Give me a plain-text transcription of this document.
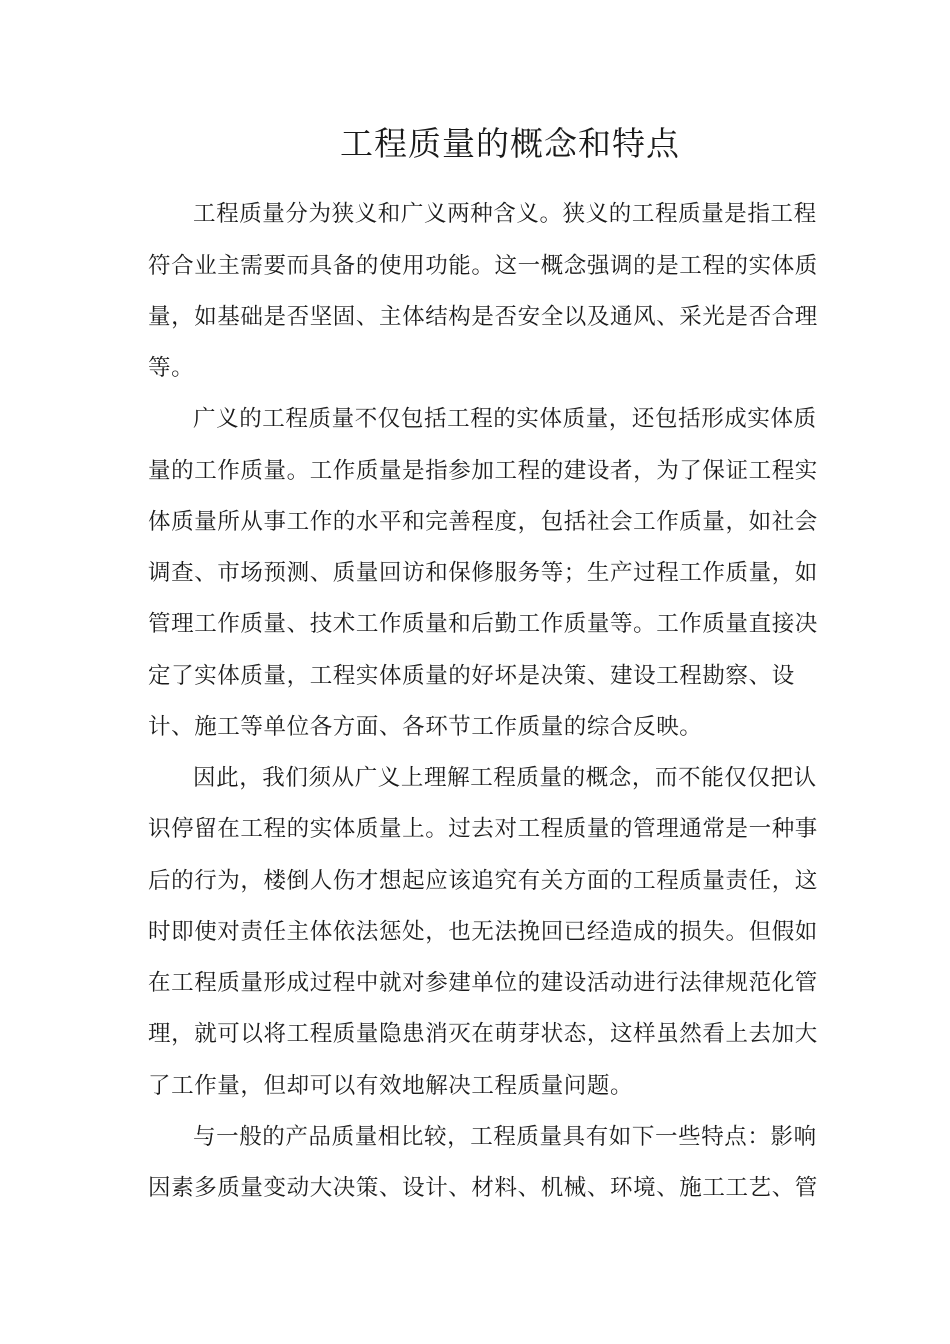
工程质量的概念和特点
工程质量分为狭义和广义两种含义。狭义的工程质量是指工程
符合业主需要而具备的使用功能。这一概念强调的是工程的实体质
量，如基础是否坚固、主体结构是否安全以及通风、采光是否合理
等。
广义的工程质量不仅包括工程的实体质量，还包括形成实体质
量的工作质量。工作质量是指参加工程的建设者，为了保证工程实
体质量所从事工作的水平和完善程度，包括社会工作质量，如社会
调查、市场预测、质量回访和保修服务等；生产过程工作质量，如
管理工作质量、技术工作质量和后勤工作质量等。工作质量直接决
定了实体质量，工程实体质量的好坏是决策、建设工程勘察、设
计、施工等单位各方面、各环节工作质量的综合反映。
因此，我们须从广义上理解工程质量的概念，而不能仅仅把认
识停留在工程的实体质量上。过去对工程质量的管理通常是一种事
后的行为，楼倒人伤才想起应该追究有关方面的工程质量责任，这
时即使对责任主体依法惩处，也无法挽回已经造成的损失。但假如
在工程质量形成过程中就对参建单位的建设活动进行法律规范化管
理，就可以将工程质量隐患消灭在萌芽状态，这样虽然看上去加大
了工作量，但却可以有效地解决工程质量问题。
与一般的产品质量相比较，工程质量具有如下一些特点：影响
因素多质量变动大决策、设计、材料、机械、环境、施工工艺、管
